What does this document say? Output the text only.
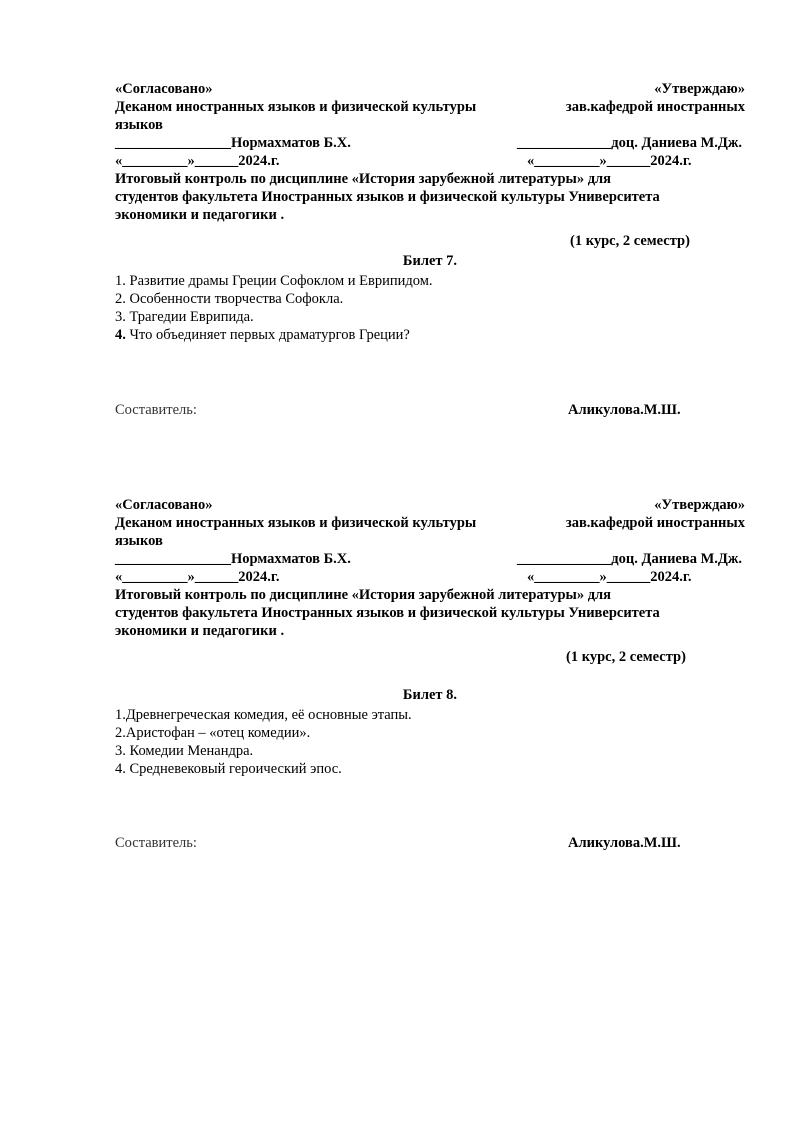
«Согласовано»	«Утверждаю»
Деканом иностранных языков и физической культуры	зав.кафедрой иностранных
языков
________________Нормахматов Б.Х.	_____________доц. Даниева М.Дж.
«_________»______2024.г.	«_________»______2024.г.
Итоговый контроль по дисциплине «История зарубежной литературы» для
студентов факультета Иностранных языков и физической культуры Университета
экономики и педагогики .
(1 курс, 2 семестр)
Билет 7.
1. Развитие драмы Греции Софоклом и Еврипидом.
2. Особенности творчества Софокла.
3. Трагедии Еврипида.
4. Что объединяет первых драматургов Греции?
Составитель:	Аликулова.М.Ш.
«Согласовано»	«Утверждаю»
Деканом иностранных языков и физической культуры	зав.кафедрой иностранных
языков
________________Нормахматов Б.Х.	_____________доц. Даниева М.Дж.
«_________»______2024.г.	«_________»______2024.г.
Итоговый контроль по дисциплине «История зарубежной литературы» для
студентов факультета Иностранных языков и физической культуры Университета
экономики и педагогики .
(1 курс, 2 семестр)
Билет 8.
1.Древнегреческая комедия, её основные этапы.
2.Аристофан – «отец комедии».
3. Комедии Менандра.
4. Средневековый героический эпос.
Составитель:	Аликулова.М.Ш.
